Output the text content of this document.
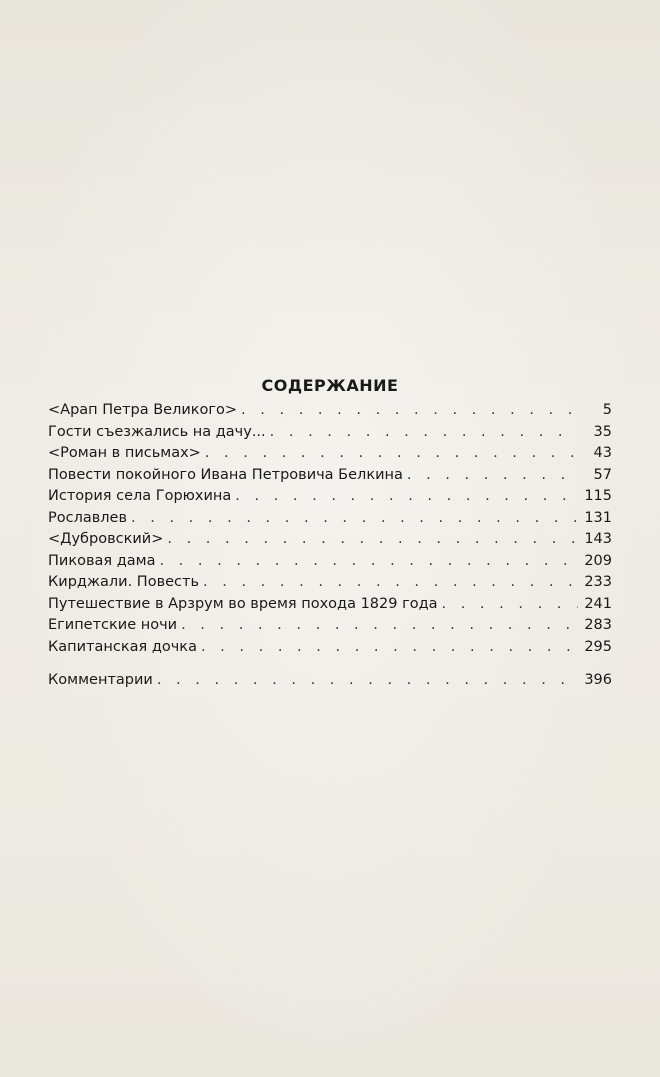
СОДЕРЖАНИЕ
<Арап Петра Великого> . . .	5
Гости съезжались на дачу... . . .	35
<Роман в письмах> . . .	43
Повести покойного Ивана Петровича Белкина . . .	57
История села Горюхина . . .	115
Рославлев . . .	131
<Дубровский> . . .	143
Пиковая дама . . .	209
Кирджали. Повесть . . .	233
Путешествие в Арзрум во время похода 1829 года . . .	241
Египетские ночи . . .	283
Капитанская дочка . . .	295
Комментарии . . .	396
